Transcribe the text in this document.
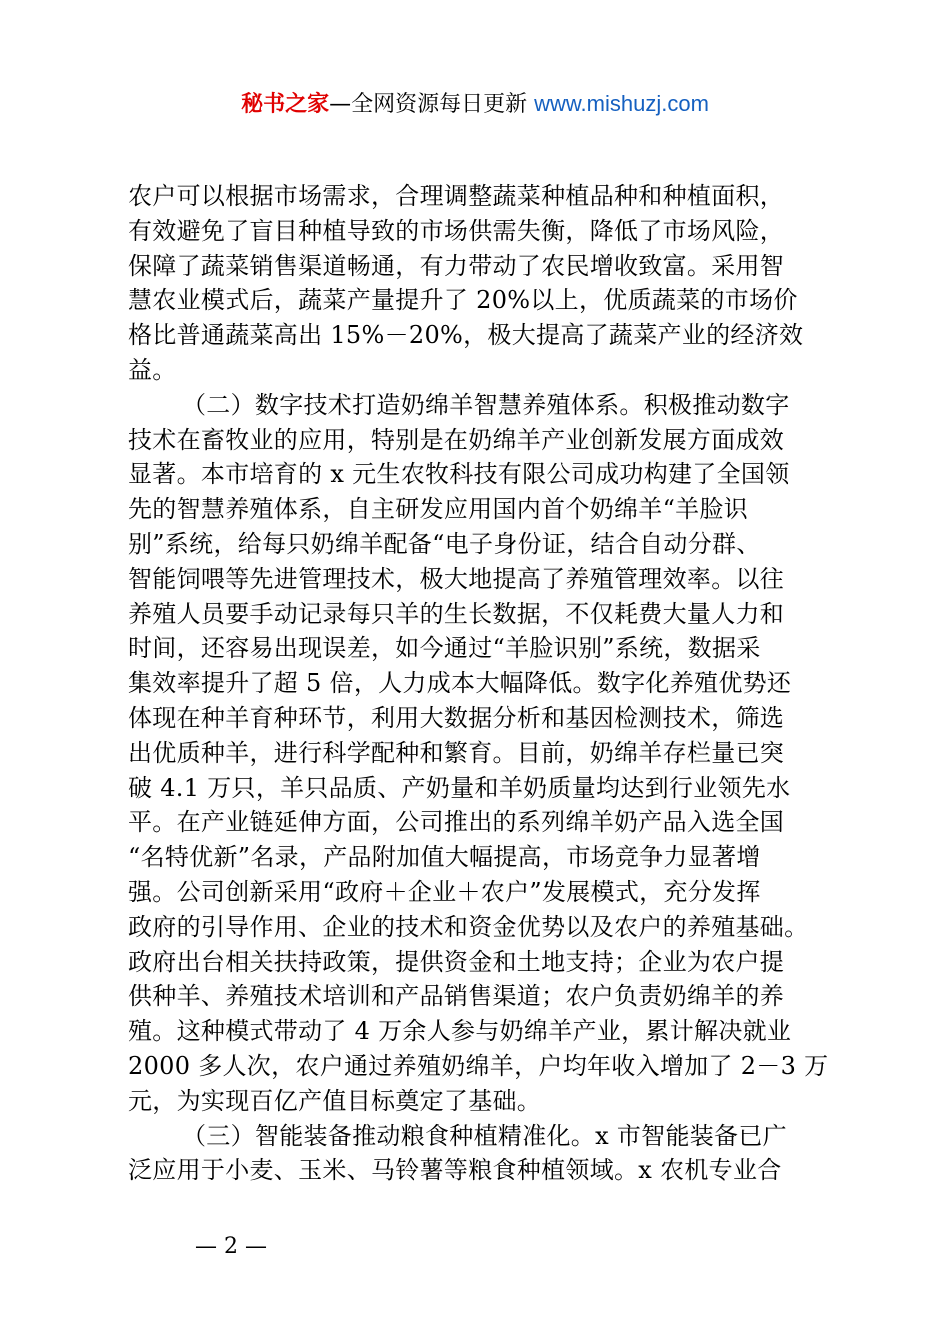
秘书之家—全网资源每日更新 www.mishuzj.com
农户可以根据市场需求，合理调整蔬菜种植品种和种植面积，
有效避免了盲目种植导致的市场供需失衡，降低了市场风险，
保障了蔬菜销售渠道畅通，有力带动了农民增收致富。采用智
慧农业模式后，蔬菜产量提升了 20%以上，优质蔬菜的市场价
格比普通蔬菜高出 15%－20%，极大提高了蔬菜产业的经济效
益。
（二）数字技术打造奶绵羊智慧养殖体系。积极推动数字
技术在畜牧业的应用，特别是在奶绵羊产业创新发展方面成效
显著。本市培育的 x 元生农牧科技有限公司成功构建了全国领
先的智慧养殖体系，自主研发应用国内首个奶绵羊“羊脸识
别”系统，给每只奶绵羊配备“电子身份证，结合自动分群、
智能饲喂等先进管理技术，极大地提高了养殖管理效率。以往
养殖人员要手动记录每只羊的生长数据，不仅耗费大量人力和
时间，还容易出现误差，如今通过“羊脸识别”系统，数据采
集效率提升了超 5 倍，人力成本大幅降低。数字化养殖优势还
体现在种羊育种环节，利用大数据分析和基因检测技术，筛选
出优质种羊，进行科学配种和繁育。目前，奶绵羊存栏量已突
破 4.1 万只，羊只品质、产奶量和羊奶质量均达到行业领先水
平。在产业链延伸方面，公司推出的系列绵羊奶产品入选全国
“名特优新”名录，产品附加值大幅提高，市场竞争力显著增
强。公司创新采用“政府＋企业＋农户”发展模式，充分发挥
政府的引导作用、企业的技术和资金优势以及农户的养殖基础。
政府出台相关扶持政策，提供资金和土地支持；企业为农户提
供种羊、养殖技术培训和产品销售渠道；农户负责奶绵羊的养
殖。这种模式带动了 4 万余人参与奶绵羊产业，累计解决就业
2000 多人次，农户通过养殖奶绵羊，户均年收入增加了 2－3 万
元，为实现百亿产值目标奠定了基础。
（三）智能装备推动粮食种植精准化。x 市智能装备已广
泛应用于小麦、玉米、马铃薯等粮食种植领域。x 农机专业合
— 2 —
